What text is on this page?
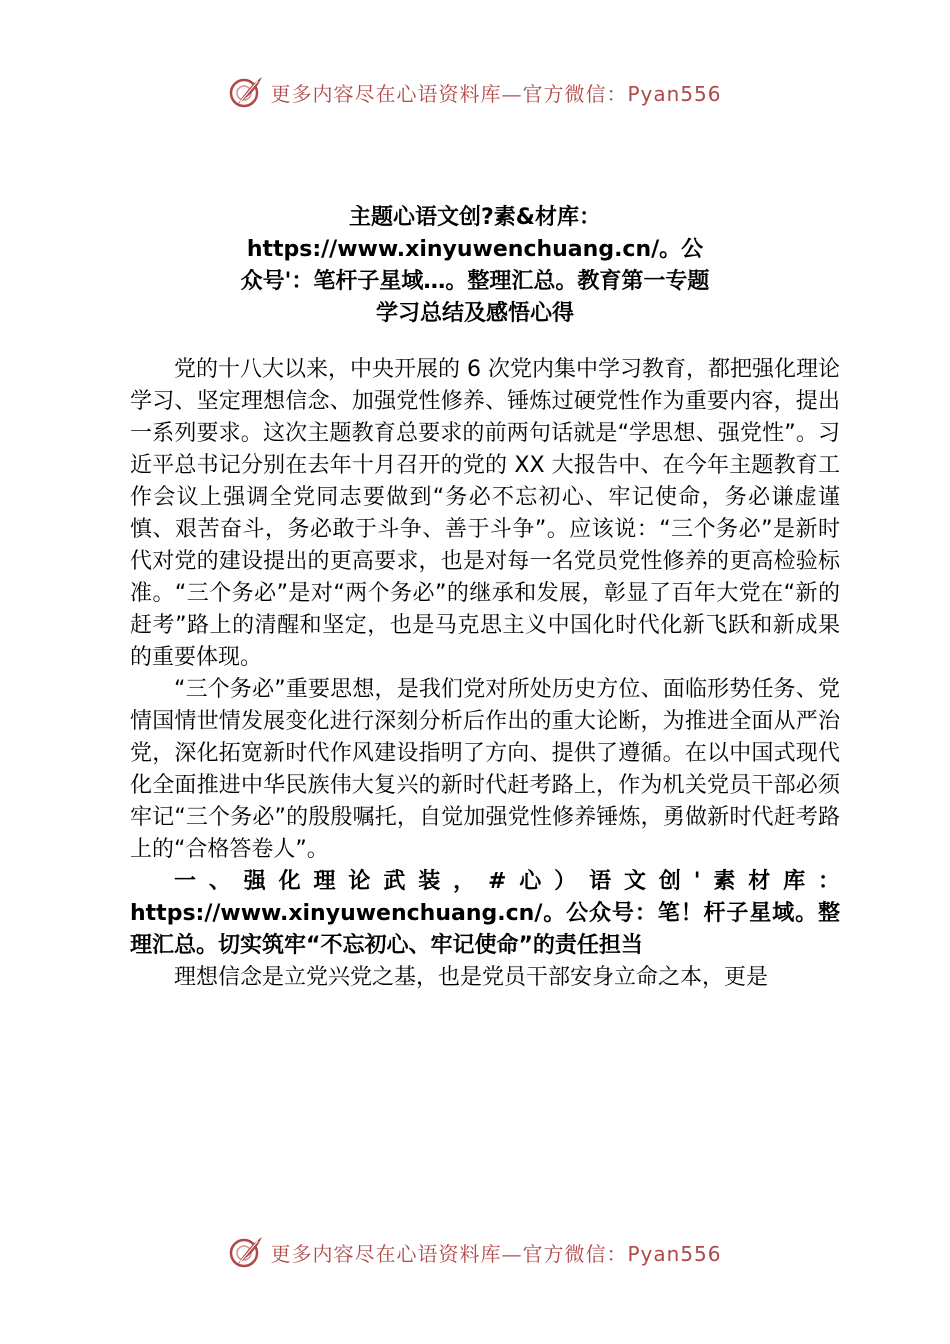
更多内容尽在心语资料库—官方微信：Pyan556
主题心语文创?素&材库：https://www.xinyuwenchuang.cn/。公众号'：笔杆子星域…。整理汇总。教育第一专题学习总结及感悟心得

党的十八大以来，中央开展的 6 次党内集中学习教育，都把强化理论学习、坚定理想信念、加强党性修养、锤炼过硬党性作为重要内容，提出一系列要求。这次主题教育总要求的前两句话就是“学思想、强党性”。习近平总书记分别在去年十月召开的党的 XX 大报告中、在今年主题教育工作会议上强调全党同志要做到“务必不忘初心、牢记使命，务必谦虚谨慎、艰苦奋斗，务必敢于斗争、善于斗争”。应该说：“三个务必”是新时代对党的建设提出的更高要求，也是对每一名党员党性修养的更高检验标准。“三个务必”是对“两个务必”的继承和发展，彰显了百年大党在“新的赶考”路上的清醒和坚定，也是马克思主义中国化时代化新飞跃和新成果的重要体现。

“三个务必”重要思想，是我们党对所处历史方位、面临形势任务、党情国情世情发展变化进行深刻分析后作出的重大论断，为推进全面从严治党，深化拓宽新时代作风建设指明了方向、提供了遵循。在以中国式现代化全面推进中华民族伟大复兴的新时代赶考路上，作为机关党员干部必须牢记“三个务必”的殷殷嘱托，自觉加强党性修养锤炼，勇做新时代赶考路上的“合格答卷人”。

一、强化理论武装，#心）语文创'素材库：https://www.xinyuwenchuang.cn/。公众号：笔！杆子星域。整理汇总。切实筑牢“不忘初心、牢记使命”的责任担当

理想信念是立党兴党之基，也是党员干部安身立命之本，更是

更多内容尽在心语资料库—官方微信：Pyan556
